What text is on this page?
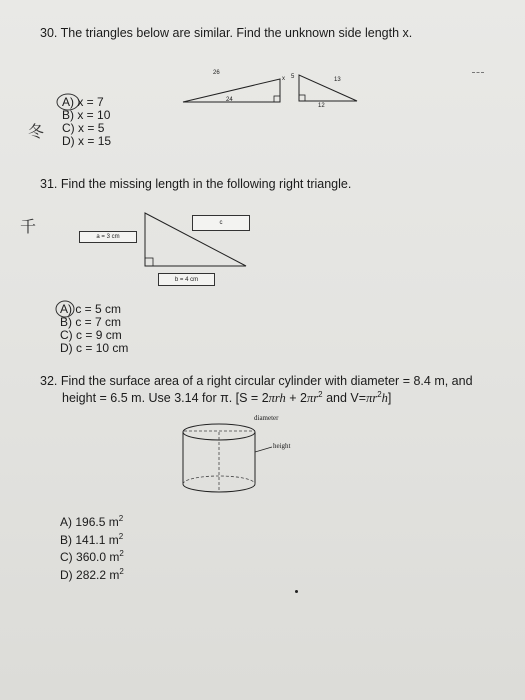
30. The triangles below are similar. Find the unknown side length x.
26
24
x 5	13
12
A) x = 7
B) x = 10
C) x = 5
D) x = 15
冬
31. Find the missing length in the following right triangle.
千
a = 3 cm
c
b = 4 cm
A) c = 5 cm
B) c = 7 cm
C) c = 9 cm
D) c = 10 cm
32. Find the surface area of a right circular cylinder with diameter = 8.4 m, and
height = 6.5 m. Use 3.14 for π. [$S = 2\pi rh + 2\pi r^2$ and $V=\pi r^2h$]
diameter
height
A) 196.5 $m^2$
B) 141.1 $m^2$
C) 360.0 $m^2$
D) 282.2 $m^2$
